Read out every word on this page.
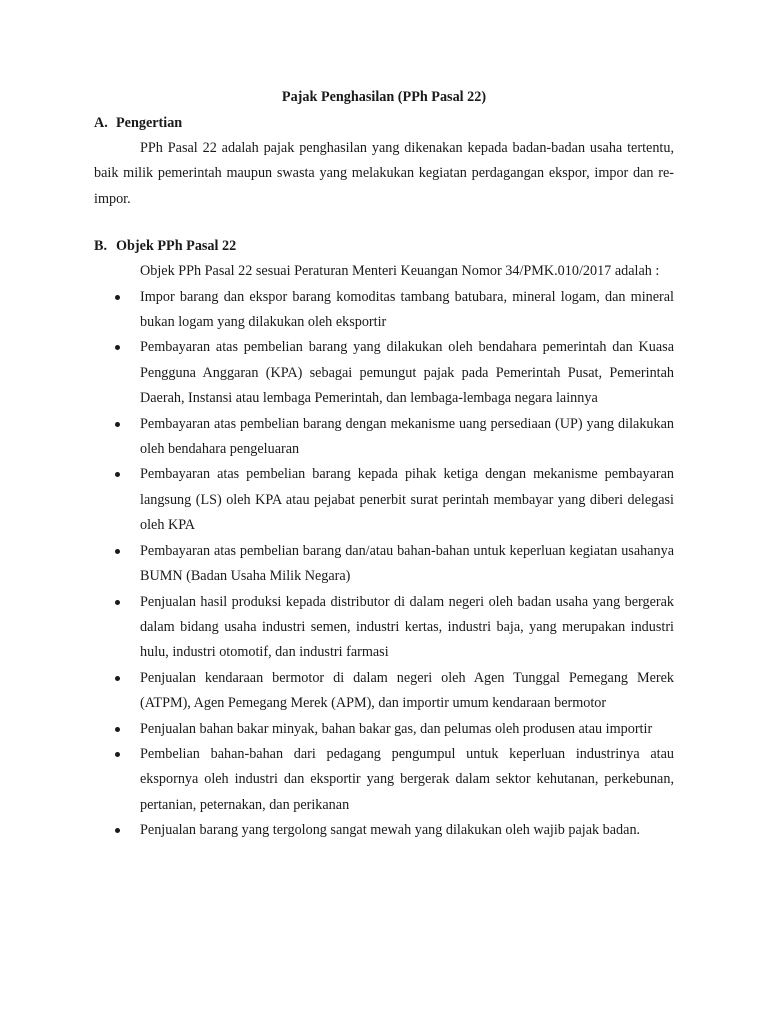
Pajak Penghasilan (PPh Pasal 22)

A. Pengertian

PPh Pasal 22 adalah pajak penghasilan yang dikenakan kepada badan-badan usaha tertentu, baik milik pemerintah maupun swasta yang melakukan kegiatan perdagangan ekspor, impor dan re-impor.

B. Objek PPh Pasal 22

Objek PPh Pasal 22 sesuai Peraturan Menteri Keuangan Nomor 34/PMK.010/2017 adalah :

Impor barang dan ekspor barang komoditas tambang batubara, mineral logam, dan mineral bukan logam yang dilakukan oleh eksportir
Pembayaran atas pembelian barang yang dilakukan oleh bendahara pemerintah dan Kuasa Pengguna Anggaran (KPA) sebagai pemungut pajak pada Pemerintah Pusat, Pemerintah Daerah, Instansi atau lembaga Pemerintah, dan lembaga-lembaga negara lainnya
Pembayaran atas pembelian barang dengan mekanisme uang persediaan (UP) yang dilakukan oleh bendahara pengeluaran
Pembayaran atas pembelian barang kepada pihak ketiga dengan mekanisme pembayaran langsung (LS) oleh KPA atau pejabat penerbit surat perintah membayar yang diberi delegasi oleh KPA
Pembayaran atas pembelian barang dan/atau bahan-bahan untuk keperluan kegiatan usahanya BUMN (Badan Usaha Milik Negara)
Penjualan hasil produksi kepada distributor di dalam negeri oleh badan usaha yang bergerak dalam bidang usaha industri semen, industri kertas, industri baja, yang merupakan industri hulu, industri otomotif, dan industri farmasi
Penjualan kendaraan bermotor di dalam negeri oleh Agen Tunggal Pemegang Merek (ATPM), Agen Pemegang Merek (APM), dan importir umum kendaraan bermotor
Penjualan bahan bakar minyak, bahan bakar gas, dan pelumas oleh produsen atau importir
Pembelian bahan-bahan dari pedagang pengumpul untuk keperluan industrinya atau ekspornya oleh industri dan eksportir yang bergerak dalam sektor kehutanan, perkebunan, pertanian, peternakan, dan perikanan
Penjualan barang yang tergolong sangat mewah yang dilakukan oleh wajib pajak badan.
